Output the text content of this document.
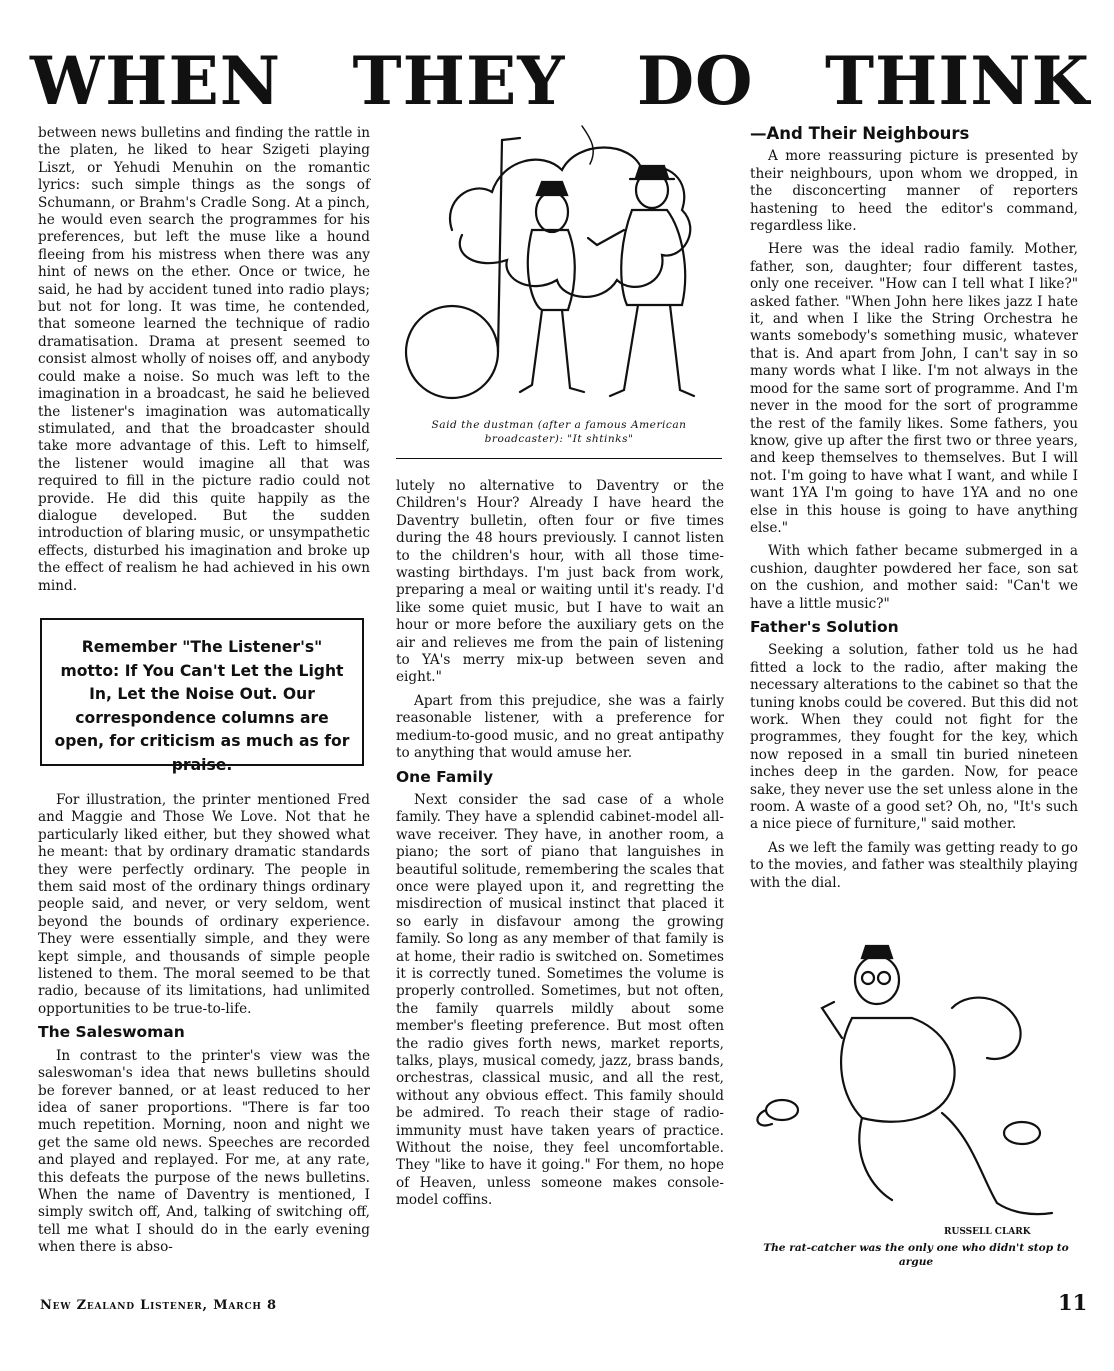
WHEN THEY DO THINK

between news bulletins and finding the rattle in the platen, he liked to hear Szigeti playing Liszt, or Yehudi Menuhin on the romantic lyrics: such simple things as the songs of Schumann, or Brahm's Cradle Song. At a pinch, he would even search the programmes for his preferences, but left the muse like a hound fleeing from his mistress when there was any hint of news on the ether. Once or twice, he said, he had by accident tuned into radio plays; but not for long. It was time, he contended, that someone learned the technique of radio dramatisation. Drama at present seemed to consist almost wholly of noises off, and anybody could make a noise. So much was left to the imagination in a broadcast, he said he believed the listener's imagination was automatically stimulated, and that the broadcaster should take more advantage of this. Left to himself, the listener would imagine all that was required to fill in the picture radio could not provide. He did this quite happily as the dialogue developed. But the sudden introduction of blaring music, or unsympathetic effects, disturbed his imagination and broke up the effect of realism he had achieved in his own mind.

Remember "The Listener's" motto: If You Can't Let the Light In, Let the Noise Out. Our correspondence columns are open, for criticism as much as for praise.

For illustration, the printer mentioned Fred and Maggie and Those We Love. Not that he particularly liked either, but they showed what he meant: that by ordinary dramatic standards they were perfectly ordinary. The people in them said most of the ordinary things ordinary people said, and never, or very seldom, went beyond the bounds of ordinary experience. They were essentially simple, and they were kept simple, and thousands of simple people listened to them. The moral seemed to be that radio, because of its limitations, had unlimited opportunities to be true-to-life.

The Saleswoman

In contrast to the printer's view was the saleswoman's idea that news bulletins should be forever banned, or at least reduced to her idea of saner proportions. "There is far too much repetition. Morning, noon and night we get the same old news. Speeches are recorded and played and replayed. For me, at any rate, this defeats the purpose of the news bulletins. When the name of Daventry is mentioned, I simply switch off, And, talking of switching off, tell me what I should do in the early evening when there is abso-

Said the dustman (after a famous American broadcaster): "It shtinks"

lutely no alternative to Daventry or the Children's Hour? Already I have heard the Daventry bulletin, often four or five times during the 48 hours previously. I cannot listen to the children's hour, with all those time-wasting birthdays. I'm just back from work, preparing a meal or waiting until it's ready. I'd like some quiet music, but I have to wait an hour or more before the auxiliary gets on the air and relieves me from the pain of listening to YA's merry mix-up between seven and eight."

Apart from this prejudice, she was a fairly reasonable listener, with a preference for medium-to-good music, and no great antipathy to anything that would amuse her.

One Family

Next consider the sad case of a whole family. They have a splendid cabinet-model all-wave receiver. They have, in another room, a piano; the sort of piano that languishes in beautiful solitude, remembering the scales that once were played upon it, and regretting the misdirection of musical instinct that placed it so early in disfavour among the growing family. So long as any member of that family is at home, their radio is switched on. Sometimes it is correctly tuned. Sometimes the volume is properly controlled. Sometimes, but not often, the family quarrels mildly about some member's fleeting preference. But most often the radio gives forth news, market reports, talks, plays, musical comedy, jazz, brass bands, orchestras, classical music, and all the rest, without any obvious effect. This family should be admired. To reach their stage of radio-immunity must have taken years of practice. Without the noise, they feel uncomfortable. They "like to have it going." For them, no hope of Heaven, unless someone makes console-model coffins.

—And Their Neighbours

A more reassuring picture is presented by their neighbours, upon whom we dropped, in the disconcerting manner of reporters hastening to heed the editor's command, regardless like.

Here was the ideal radio family. Mother, father, son, daughter; four different tastes, only one receiver. "How can I tell what I like?" asked father. "When John here likes jazz I hate it, and when I like the String Orchestra he wants somebody's something music, whatever that is. And apart from John, I can't say in so many words what I like. I'm not always in the mood for the same sort of programme. And I'm never in the mood for the sort of programme the rest of the family likes. Some fathers, you know, give up after the first two or three years, and keep themselves to themselves. But I will not. I'm going to have what I want, and while I want 1YA I'm going to have 1YA and no one else in this house is going to have anything else."

With which father became submerged in a cushion, daughter powdered her face, son sat on the cushion, and mother said: "Can't we have a little music?"

Father's Solution

Seeking a solution, father told us he had fitted a lock to the radio, after making the necessary alterations to the cabinet so that the tuning knobs could be covered. But this did not work. When they could not fight for the programmes, they fought for the key, which now reposed in a small tin buried nineteen inches deep in the garden. Now, for peace sake, they never use the set unless alone in the room. A waste of a good set? Oh, no, "It's such a nice piece of furniture," said mother.

As we left the family was getting ready to go to the movies, and father was stealthily playing with the dial.

RUSSELL CLARK
The rat-catcher was the only one who didn't stop to argue
New Zealand Listener, March 8	11
